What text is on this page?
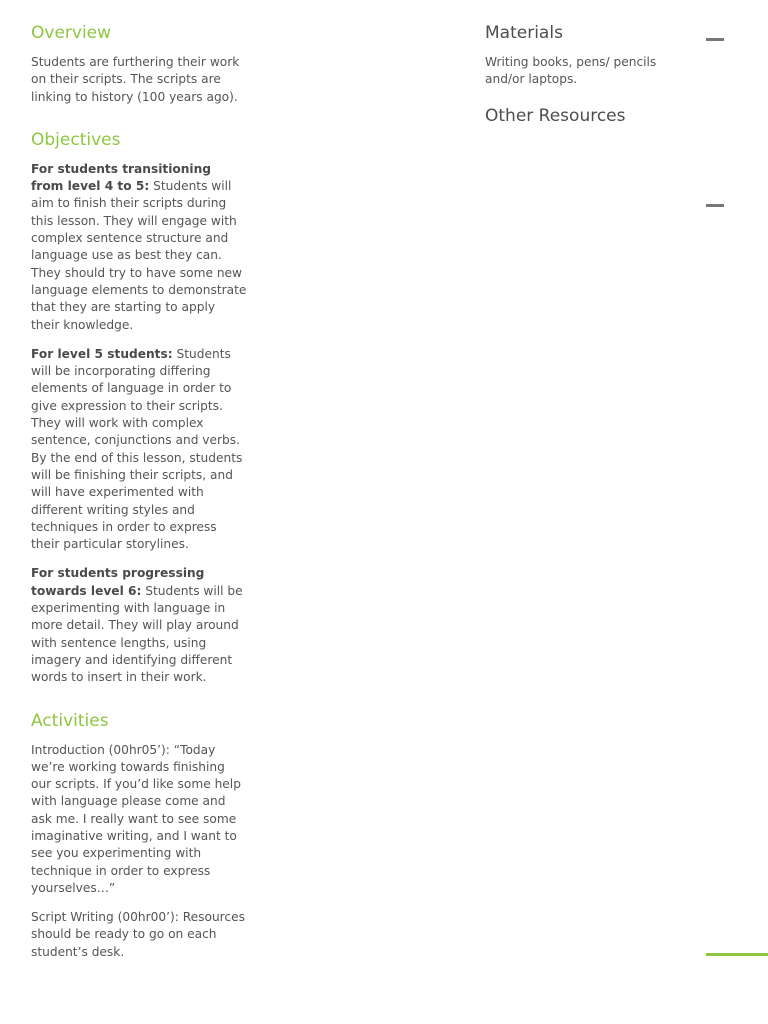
Overview

Students are furthering their work on their scripts. The scripts are linking to history (100 years ago).

Objectives

For students transitioning from level 4 to 5: Students will aim to finish their scripts during this lesson. They will engage with complex sentence structure and language use as best they can. They should try to have some new language elements to demonstrate that they are starting to apply their knowledge.

For level 5 students: Students will be incorporating differing elements of language in order to give expression to their scripts. They will work with complex sentence, conjunctions and verbs. By the end of this lesson, students will be finishing their scripts, and will have experimented with different writing styles and techniques in order to express their particular storylines.

For students progressing towards level 6: Students will be experimenting with language in more detail. They will play around with sentence lengths, using imagery and identifying different words to insert in their work.

Activities

Introduction (00hr05’): “Today we’re working towards finishing our scripts. If you’d like some help with language please come and ask me. I really want to see some imaginative writing, and I want to see you experimenting with technique in order to express yourselves…”

Script Writing (00hr00’): Resources should be ready to go on each student’s desk.

Materials

Writing books, pens/ pencils and/or laptops.

Other Resources
